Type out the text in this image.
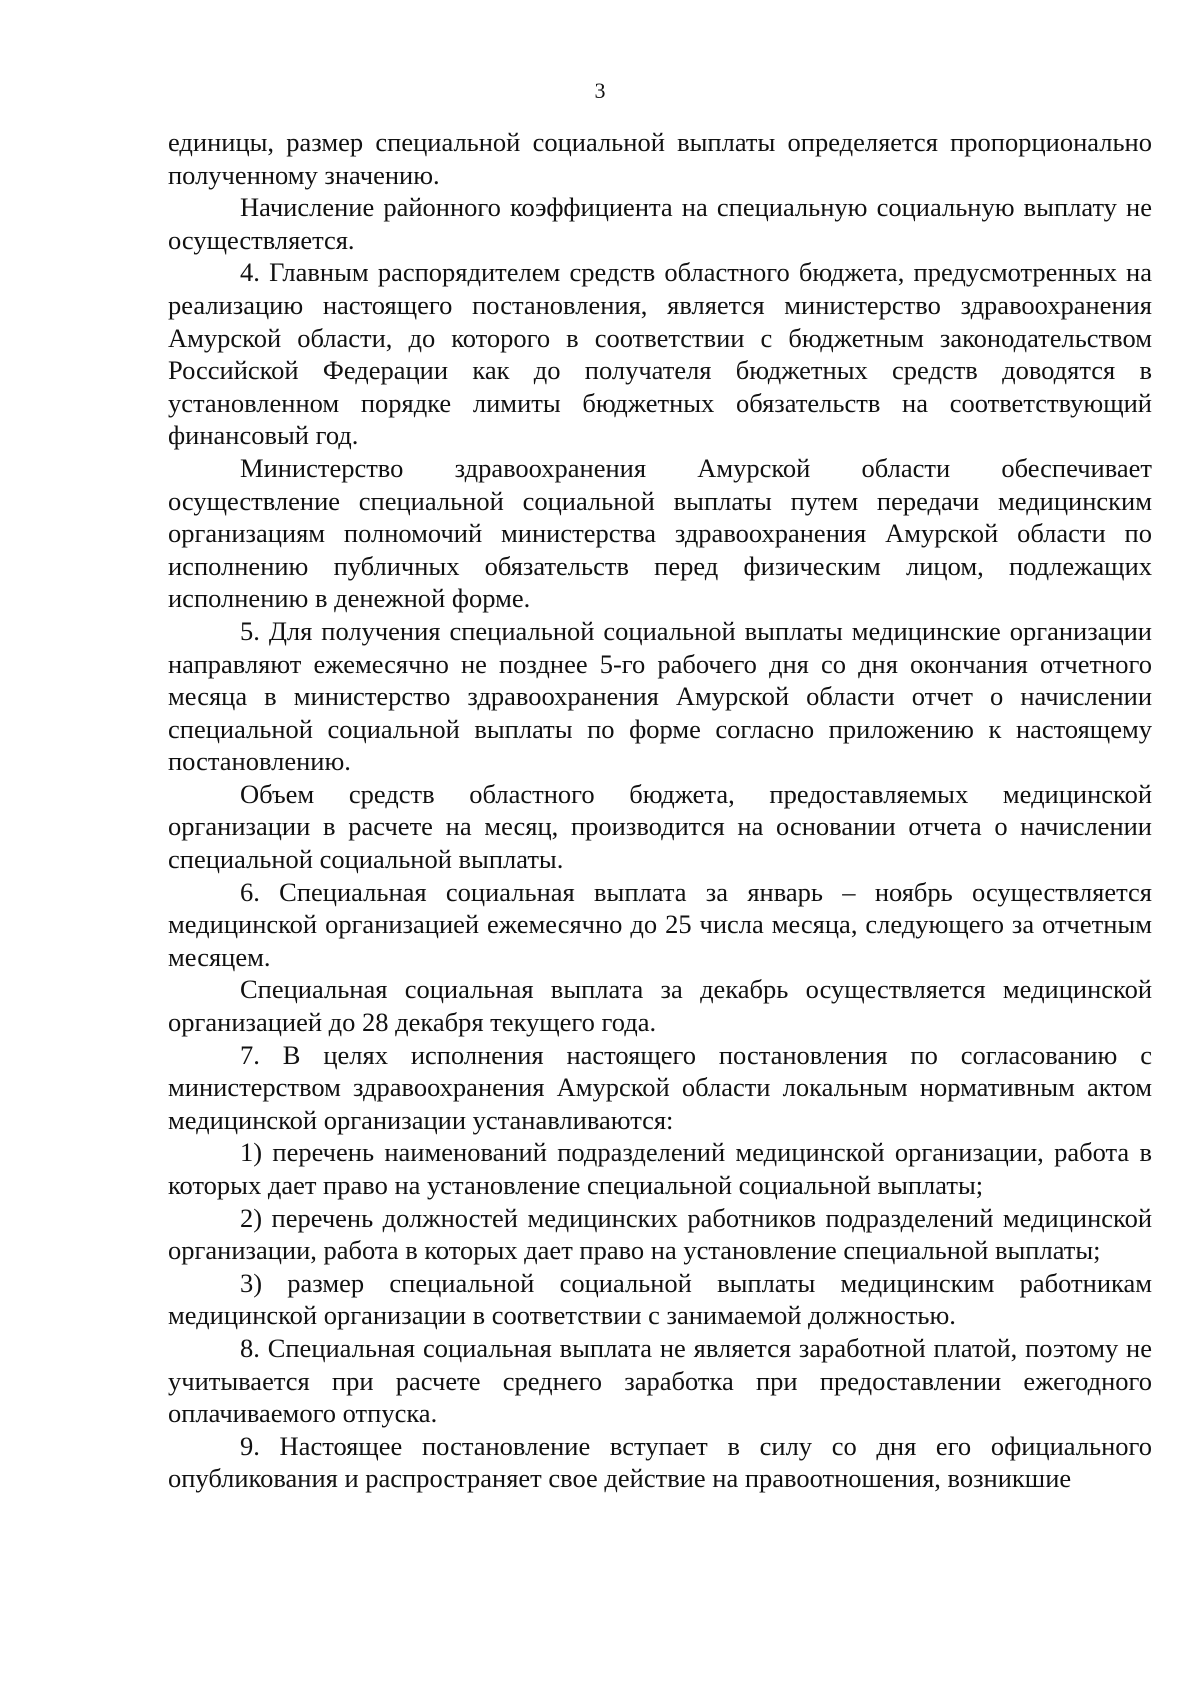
3

единицы, размер специальной социальной выплаты определяется пропорционально полученному значению.

Начисление районного коэффициента на специальную социальную выплату не осуществляется.

4. Главным распорядителем средств областного бюджета, предусмотренных на реализацию настоящего постановления, является министерство здравоохранения Амурской области, до которого в соответствии с бюджетным законодательством Российской Федерации как до получателя бюджетных средств доводятся в установленном порядке лимиты бюджетных обязательств на соответствующий финансовый год.

Министерство здравоохранения Амурской области обеспечивает осуществление специальной социальной выплаты путем передачи медицинским организациям полномочий министерства здравоохранения Амурской области по исполнению публичных обязательств перед физическим лицом, подлежащих исполнению в денежной форме.

5. Для получения специальной социальной выплаты медицинские организации направляют ежемесячно не позднее 5-го рабочего дня со дня окончания отчетного месяца в министерство здравоохранения Амурской области отчет о начислении специальной социальной выплаты по форме согласно приложению к настоящему постановлению.

Объем средств областного бюджета, предоставляемых медицинской организации в расчете на месяц, производится на основании отчета о начислении специальной социальной выплаты.

6. Специальная социальная выплата за январь – ноябрь осуществляется медицинской организацией ежемесячно до 25 числа месяца, следующего за отчетным месяцем.

Специальная социальная выплата за декабрь осуществляется медицинской организацией до 28 декабря текущего года.

7. В целях исполнения настоящего постановления по согласованию с министерством здравоохранения Амурской области локальным нормативным актом медицинской организации устанавливаются:

1) перечень наименований подразделений медицинской организации, работа в которых дает право на установление специальной социальной выплаты;

2) перечень должностей медицинских работников подразделений медицинской организации, работа в которых дает право на установление специальной выплаты;

3) размер специальной социальной выплаты медицинским работникам медицинской организации в соответствии с занимаемой должностью.

8. Специальная социальная выплата не является заработной платой, поэтому не учитывается при расчете среднего заработка при предоставлении ежегодного оплачиваемого отпуска.

9. Настоящее постановление вступает в силу со дня его официального опубликования и распространяет свое действие на правоотношения, возникшие
